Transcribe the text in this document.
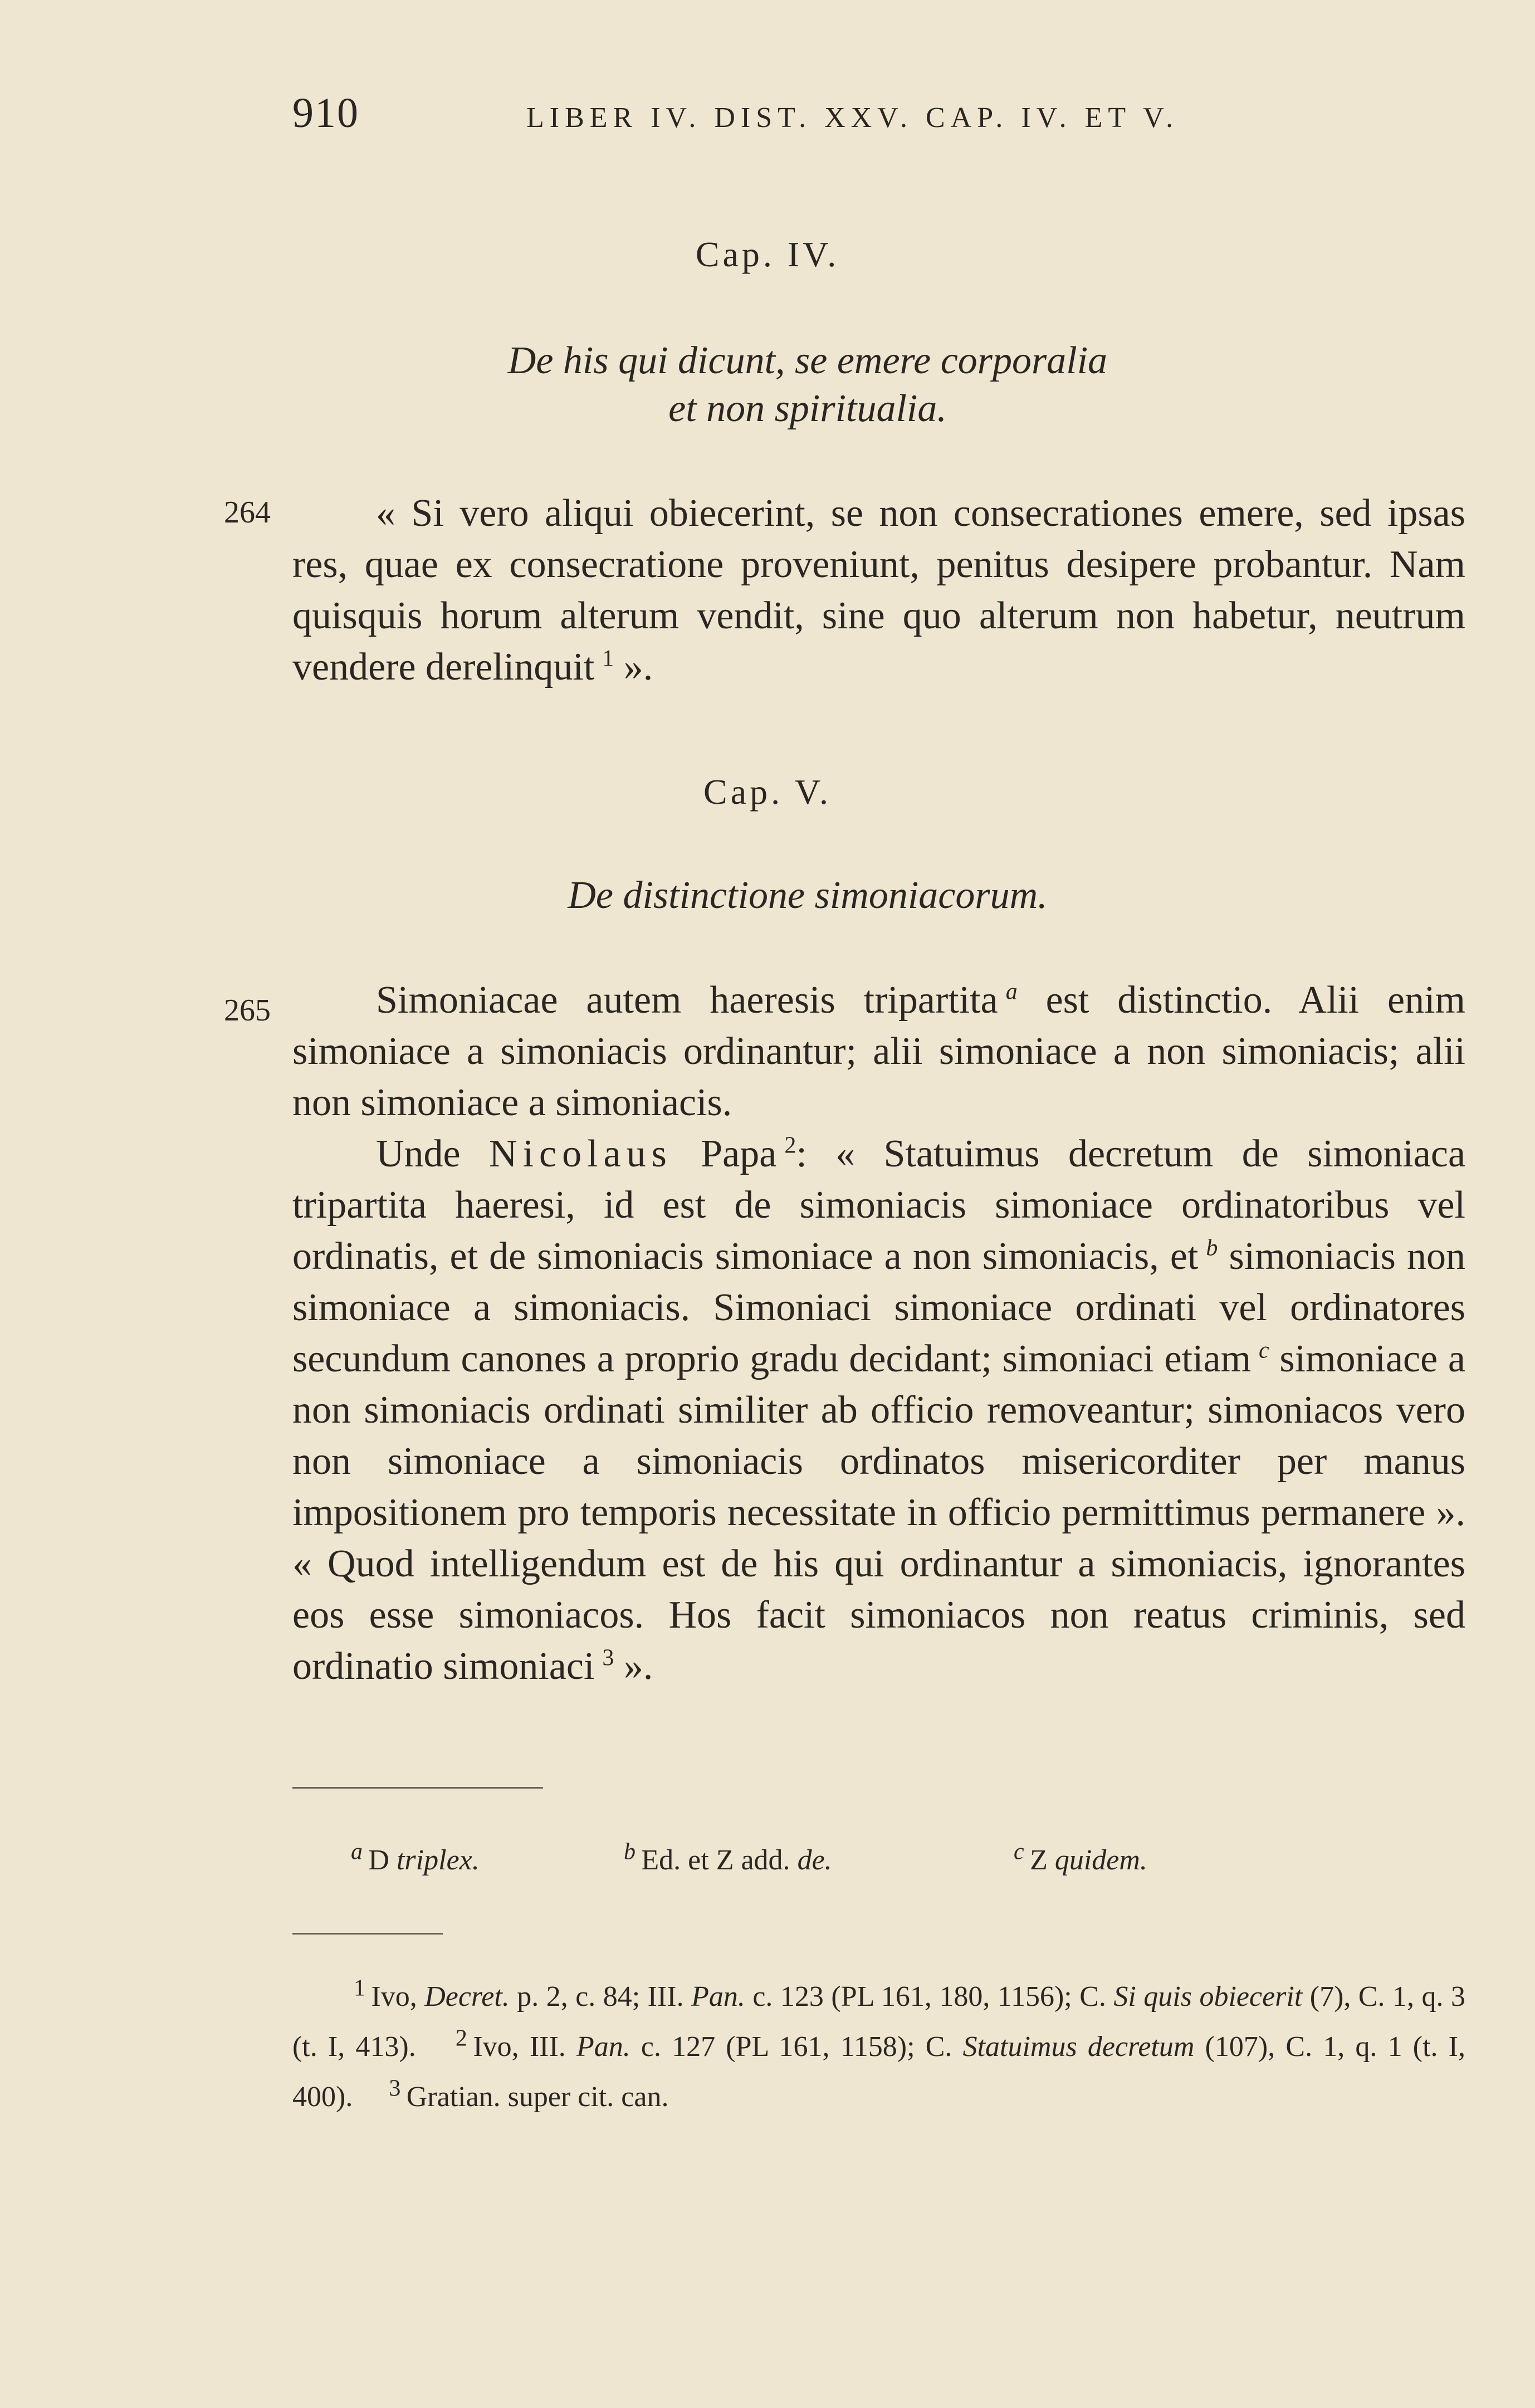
910	LIBER IV. DIST. XXV. CAP. IV. ET V.
Cap. IV.
De his qui dicunt, se emere corporalia
et non spiritualia.
264	« Si vero aliqui obiecerint, se non consecrationes emere, sed ipsas res, quae ex consecratione proveniunt, penitus desipere probantur. Nam quisquis horum alterum vendit, sine quo alterum non habetur, neutrum vendere derelinquit  $^1$ ».

Cap. V.
De distinctione simoniacorum.
265	Simoniacae autem haeresis tripartita  $^a$ est distinctio. Alii enim simoniace a simoniacis ordinantur; alii simoniace a non simoniacis; alii non simoniace a simoniacis.

Unde Nicolaus Papa  $^2$: « Statuimus decretum de simoniaca tripartita haeresi, id est de simoniacis simoniace ordinatoribus vel ordinatis, et de simoniacis simoniace a non simoniacis, et  $^b$ simoniacis non simoniace a simoniacis. Simoniaci simoniace ordinati vel ordinatores secundum canones a proprio gradu decidant; simoniaci etiam  $^c$ simoniace a non simoniacis ordinati similiter ab officio removeantur; simoniacos vero non simoniace a simoniacis ordinatos misericorditer per manus impositionem pro temporis necessitate in officio permittimus permanere ». « Quod intelligendum est de his qui ordinantur a simoniacis, ignorantes eos esse simoniacos. Hos facit simoniacos non reatus criminis, sed ordinatio simoniaci  $^3$ ».

$^a$  D triplex.	$^b$  Ed. et Z add. de.	$^c$  Z quidem.
$^1$  Ivo, Decret. p. 2, c. 84; III. Pan. c. 123 (PL 161, 180, 1156); C. Si quis obiecerit (7), C. 1, q. 3 (t. I, 413).  $^2$  Ivo, III. Pan. c. 127 (PL 161, 1158); C. Statuimus decretum (107), C. 1, q. 1 (t. I, 400).  $^3$  Gratian. super cit. can.
